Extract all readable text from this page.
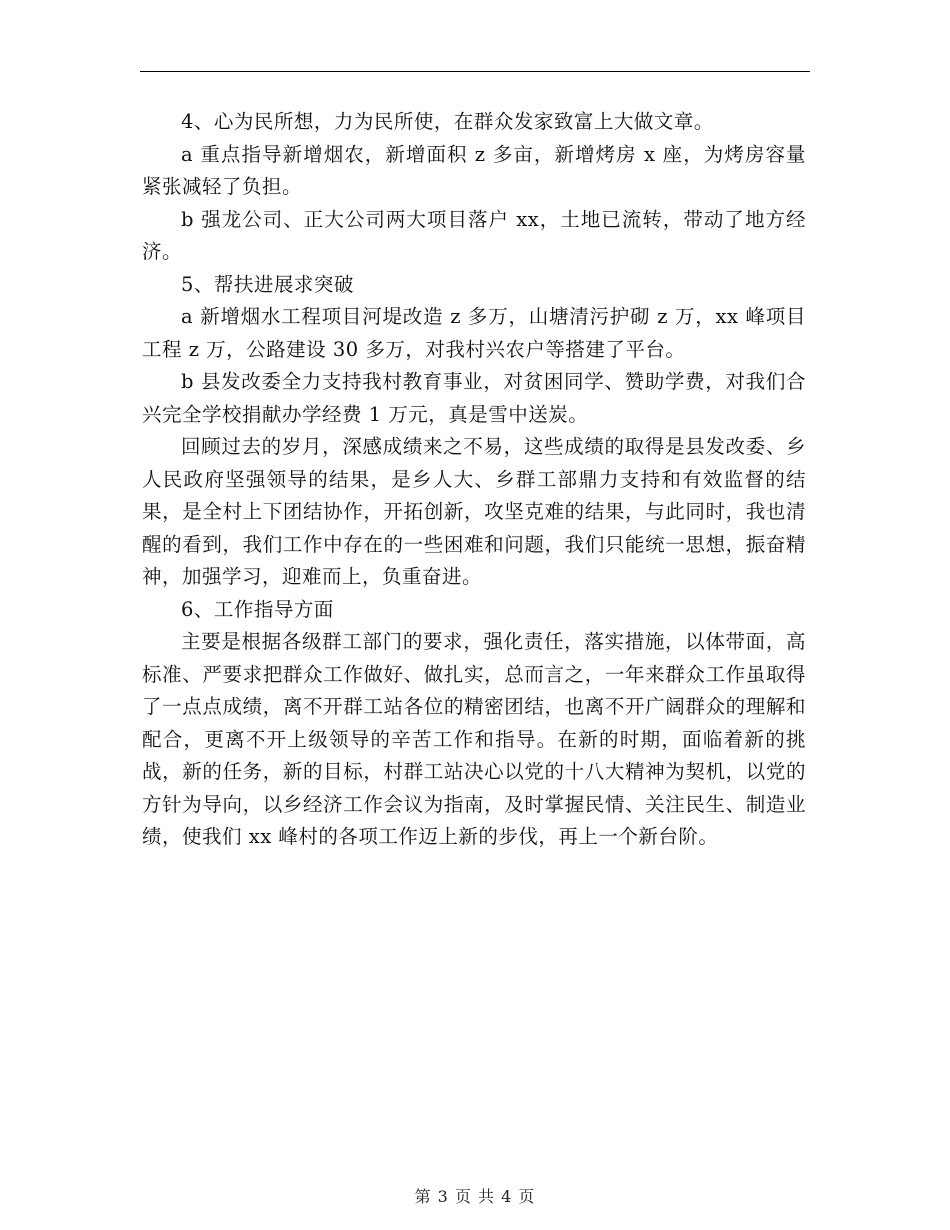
4、心为民所想，力为民所使，在群众发家致富上大做文章。

a 重点指导新增烟农，新增面积 z 多亩，新增烤房 x 座，为烤房容量紧张减轻了负担。

b 强龙公司、正大公司两大项目落户 xx，土地已流转，带动了地方经济。

5、帮扶进展求突破

a 新增烟水工程项目河堤改造 z 多万，山塘清污护砌 z 万，xx 峰项目工程 z 万，公路建设 30 多万，对我村兴农户等搭建了平台。

b 县发改委全力支持我村教育事业，对贫困同学、赞助学费，对我们合兴完全学校捐献办学经费 1 万元，真是雪中送炭。

回顾过去的岁月，深感成绩来之不易，这些成绩的取得是县发改委、乡人民政府坚强领导的结果，是乡人大、乡群工部鼎力支持和有效监督的结果，是全村上下团结协作，开拓创新，攻坚克难的结果，与此同时，我也清醒的看到，我们工作中存在的一些困难和问题，我们只能统一思想，振奋精神，加强学习，迎难而上，负重奋进。

6、工作指导方面

主要是根据各级群工部门的要求，强化责任，落实措施，以体带面，高标准、严要求把群众工作做好、做扎实，总而言之，一年来群众工作虽取得了一点点成绩，离不开群工站各位的精密团结，也离不开广阔群众的理解和配合，更离不开上级领导的辛苦工作和指导。在新的时期，面临着新的挑战，新的任务，新的目标，村群工站决心以党的十八大精神为契机，以党的方针为导向，以乡经济工作会议为指南，及时掌握民情、关注民生、制造业绩，使我们 xx 峰村的各项工作迈上新的步伐，再上一个新台阶。

第 3 页 共 4 页
